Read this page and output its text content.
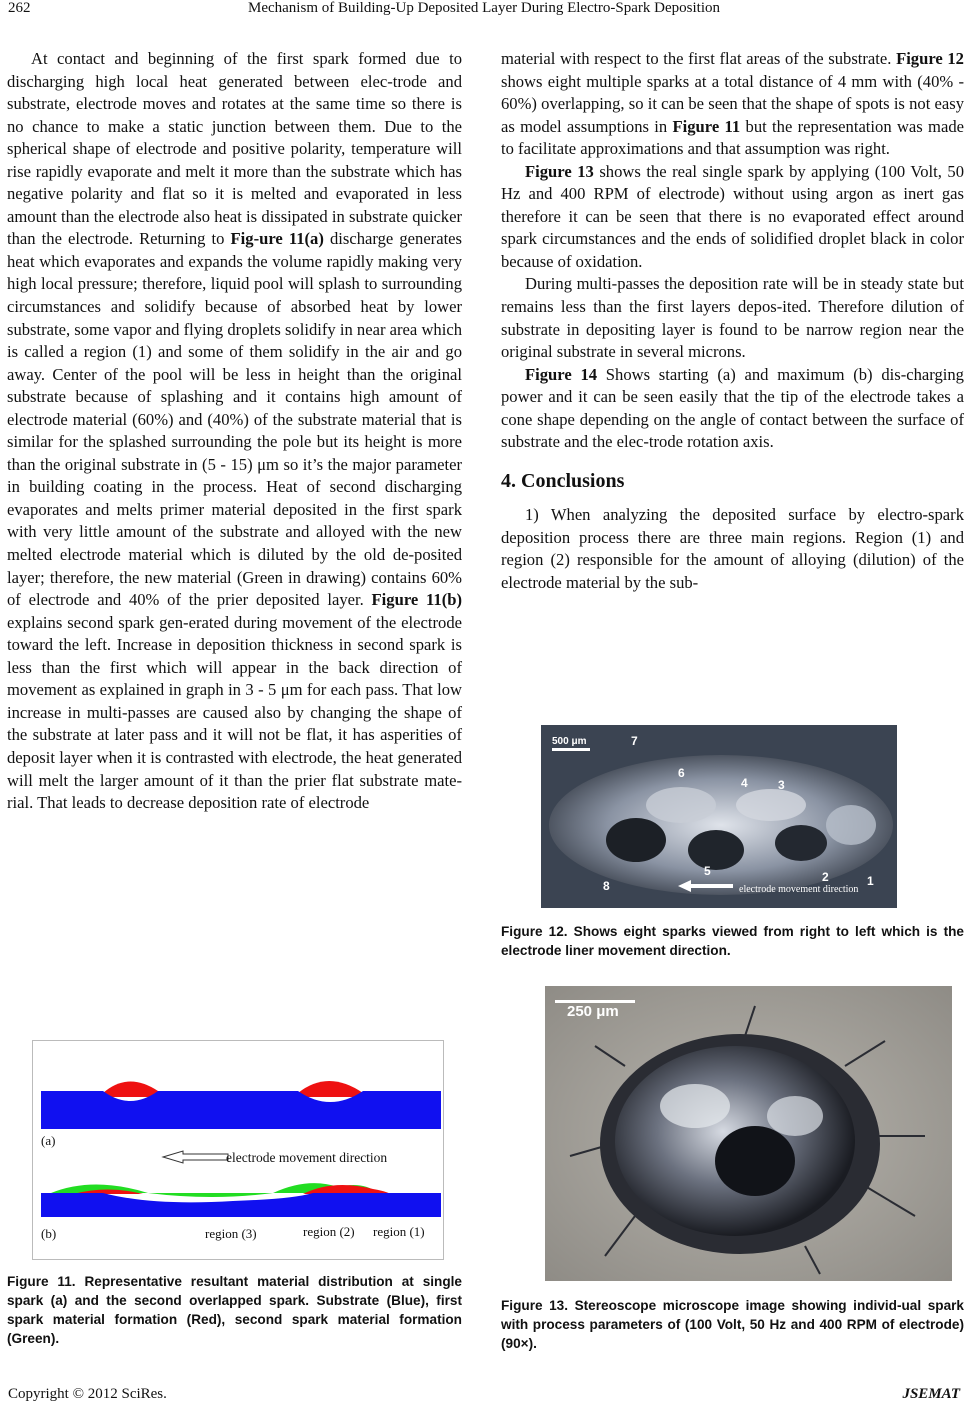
262	Mechanism of Building-Up Deposited Layer During Electro-Spark Deposition

At contact and beginning of the first spark formed due to discharging high local heat generated between elec-trode and substrate, electrode moves and rotates at the same time so there is no chance to make a static junction between them. Due to the spherical shape of electrode and positive polarity, temperature will rise rapidly evaporate and melt it more than the substrate which has negative polarity and flat so it is melted and evaporated in less amount than the electrode also heat is dissipated in substrate quicker than the electrode. Returning to Fig-ure 11(a) discharge generates heat which evaporates and expands the volume rapidly making very high local pressure; therefore, liquid pool will splash to surrounding circumstances and solidify because of absorbed heat by lower substrate, some vapor and flying droplets solidify in near area which is called a region (1) and some of them solidify in the air and go away. Center of the pool will be less in height than the original substrate because of splashing and it contains high amount of electrode material (60%) and (40%) of the substrate material that is similar for the splashed surrounding the pole but its height is more than the original substrate in (5 - 15) μm so it’s the major parameter in building coating in the process. Heat of second discharging evaporates and melts primer material deposited in the first spark with very little amount of the substrate and alloyed with the new melted electrode material which is diluted by the old de-posited layer; therefore, the new material (Green in drawing) contains 60% of electrode and 40% of the prier deposited layer. Figure 11(b) explains second spark gen-erated during movement of the electrode toward the left. Increase in deposition thickness in second spark is less than the first which will appear in the back direction of movement as explained in graph in 3 - 5 μm for each pass. That low increase in multi-passes are caused also by changing the shape of the substrate at later pass and it will not be flat, it has asperities of deposit layer when it is contrasted with electrode, the heat generated will melt the larger amount of it than the prier flat substrate mate-rial. That leads to decrease deposition rate of electrode

(a)
electrode movement direction
(b)	region (3)	region (2) region (1)
Figure 11. Representative resultant material distribution at single spark (a) and the second overlapped spark. Substrate (Blue), first spark material formation (Red), second spark material formation (Green).

material with respect to the first flat areas of the substrate. Figure 12 shows eight multiple sparks at a total distance of 4 mm with (40% - 60%) overlapping, so it can be seen that the shape of spots is not easy as model assumptions in Figure 11 but the representation was made to facilitate approximations and that assumption was right.

Figure 13 shows the real single spark by applying (100 Volt, 50 Hz and 400 RPM of electrode) without using argon as inert gas therefore it can be seen that there is no evaporated effect around spark circumstances and the ends of solidified droplet black in color because of oxidation.

During multi-passes the deposition rate will be in steady state but remains less than the first layers depos-ited. Therefore dilution of substrate in depositing layer is found to be narrow region near the original substrate in several microns.

Figure 14 Shows starting (a) and maximum (b) dis-charging power and it can be seen easily that the tip of the electrode takes a cone shape depending on the angle of contact between the surface of substrate and the elec-trode rotation axis.

4. Conclusions

1) When analyzing the deposited surface by electro-spark deposition process there are three main regions. Region (1) and region (2) responsible for the amount of alloying (dilution) of the electrode material by the sub-

500 μm	7
6
4	3
5	2
8	1
electrode movement direction
Figure 12. Shows eight sparks viewed from right to left which is the electrode liner movement direction.
250 μm
Figure 13. Stereoscope microscope image showing individ-ual spark with process parameters of (100 Volt, 50 Hz and 400 RPM of electrode) (90×).
Copyright © 2012 SciRes.	JSEMAT
